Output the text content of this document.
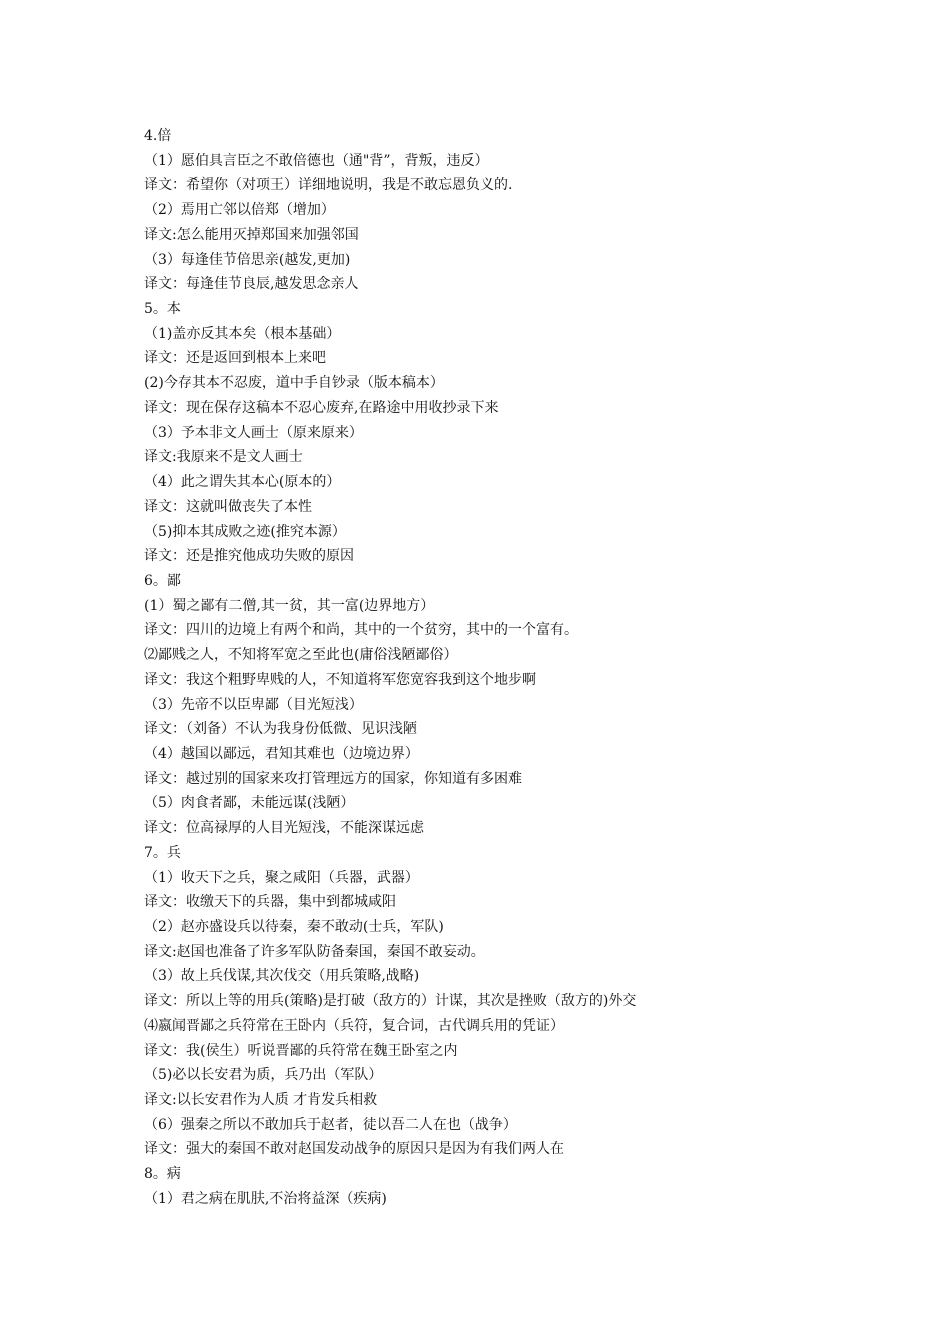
4.倍
（1）愿伯具言臣之不敢倍德也（通"背”，背叛，违反）
译文：希望你（对项王）详细地说明，我是不敢忘恩负义的.
（2）焉用亡邻以倍郑（增加）
译文:怎么能用灭掉郑国来加强邻国
（3）每逢佳节倍思亲(越发,更加)
译文：每逢佳节良辰,越发思念亲人
5。本
（1)盖亦反其本矣（根本基础）
译文：还是返回到根本上来吧
(2)今存其本不忍废，道中手自钞录（版本稿本）
译文：现在保存这稿本不忍心废弃,在路途中用收抄录下来
（3）予本非文人画士（原来原来）
译文:我原来不是文人画士
（4）此之谓失其本心(原本的）
译文：这就叫做丧失了本性
（5)抑本其成败之迹(推究本源）
译文：还是推究他成功失败的原因
6。鄙
(1）蜀之鄙有二僧,其一贫，其一富(边界地方）
译文：四川的边境上有两个和尚，其中的一个贫穷，其中的一个富有。
⑵鄙贱之人，不知将军宽之至此也(庸俗浅陋鄙俗）
译文：我这个粗野卑贱的人，不知道将军您宽容我到这个地步啊
（3）先帝不以臣卑鄙（目光短浅）
译文：（刘备）不认为我身份低微、见识浅陋
（4）越国以鄙远，君知其难也（边境边界）
译文：越过别的国家来攻打管理远方的国家，你知道有多困难
（5）肉食者鄙，未能远谋(浅陋）
译文：位高禄厚的人目光短浅，不能深谋远虑
7。兵
（1）收天下之兵，聚之咸阳（兵器，武器）
译文：收缴天下的兵器，集中到都城咸阳
（2）赵亦盛设兵以待秦，秦不敢动(士兵，军队)
译文:赵国也准备了许多军队防备秦国，秦国不敢妄动。
（3）故上兵伐谋,其次伐交（用兵策略,战略)
译文：所以上等的用兵(策略)是打破（敌方的）计谋，其次是挫败（敌方的)外交
⑷嬴闻晋鄙之兵符常在王卧内（兵符，复合词，古代调兵用的凭证）
译文：我(侯生）听说晋鄙的兵符常在魏王卧室之内
（5)必以长安君为质，兵乃出（军队）
译文:以长安君作为人质 才肯发兵相救
（6）强秦之所以不敢加兵于赵者，徒以吾二人在也（战争）
译文：强大的秦国不敢对赵国发动战争的原因只是因为有我们两人在
8。病
（1）君之病在肌肤,不治将益深（疾病)
